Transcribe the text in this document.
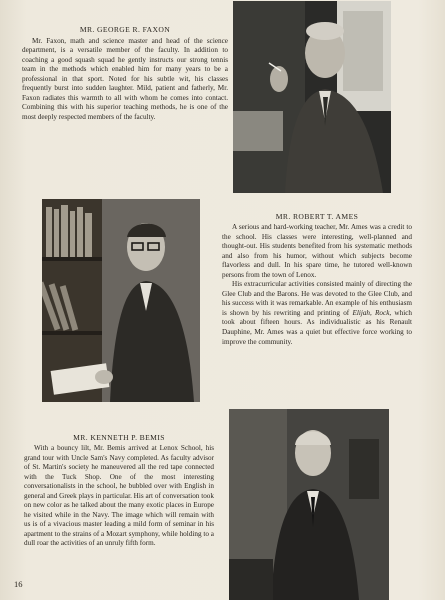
MR. GEORGE R. FAXON

Mr. Faxon, math and science master and head of the science department, is a versatile member of the faculty. In addition to coaching a good squash squad he gently instructs our strong tennis team in the methods which enabled him for many years to be a professional in that sport. Noted for his subtle wit, his classes frequently burst into sudden laughter. Mild, patient and fatherly, Mr. Faxon radiates this warmth to all with whom he comes into contact. Combining this with his superior teaching methods, he is one of the most deeply respected members of the faculty.

MR. ROBERT T. AMES

A serious and hard-working teacher, Mr. Ames was a credit to the school. His classes were interesting, well-planned and thought-out. His students benefited from his systematic methods and also from his humor, without which subjects become flavorless and dull. In his spare time, he tutored well-known persons from the town of Lenox.

His extracurricular activities consisted mainly of directing the Glee Club and the Barons. He was devoted to the Glee Club, and his success with it was remarkable. An example of his enthusiasm is shown by his rewriting and printing of Elijah, Rock, which took about fifteen hours. As individualistic as his Renault Dauphine, Mr. Ames was a quiet but effective force working to improve the community.

MR. KENNETH P. BEMIS

With a bouncy lilt, Mr. Bemis arrived at Lenox School, his grand tour with Uncle Sam's Navy completed. As faculty advisor of St. Martin's society he maneuvered all the red tape connected with the Tuck Shop. One of the most interesting conversationalists in the school, he bubbled over with English in general and Greek plays in particular. His art of conversation took on new color as he talked about the many exotic places in Europe he visited while in the Navy. The image which will remain with us is of a vivacious master leading a mild form of seminar in his apartment to the strains of a Mozart symphony, while holding to a dull roar the activities of an unruly fifth form.

16
